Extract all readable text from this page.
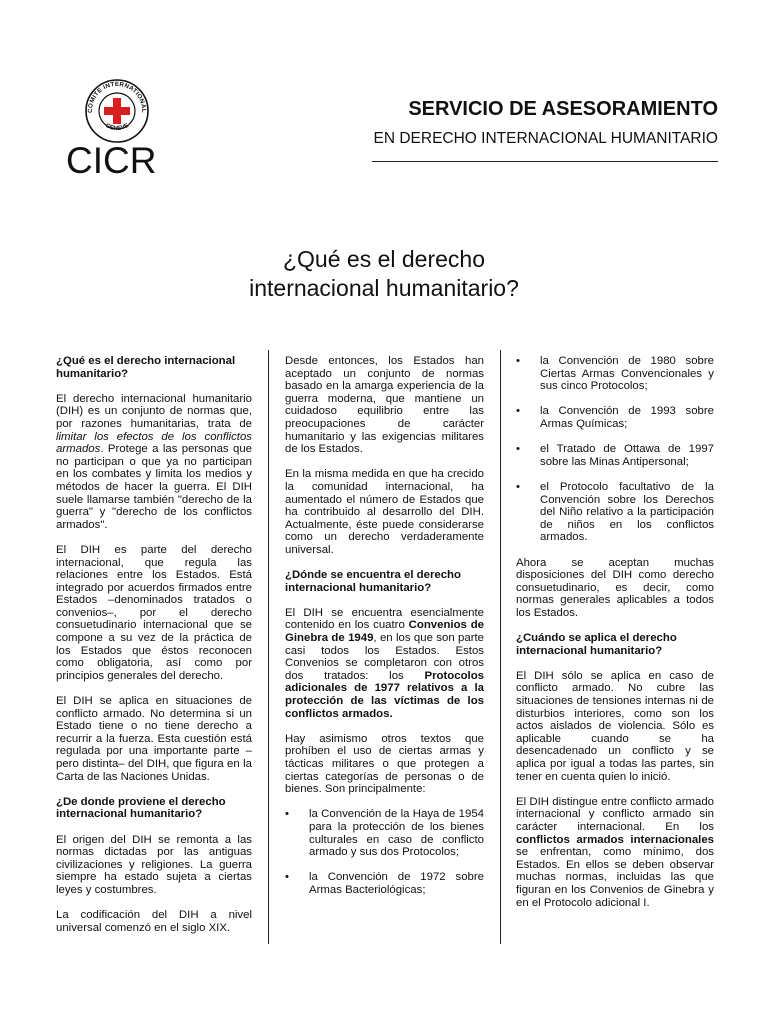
COMITE INTERNATIONAL
GENEVE
CICR
SERVICIO DE ASESORAMIENTO
EN DERECHO INTERNACIONAL HUMANITARIO
¿Qué es el derecho
internacional humanitario?

¿Qué es el derecho internacional humanitario?

El derecho internacional humanitario (DIH) es un conjunto de normas que, por razones humanitarias, trata de limitar los efectos de los conflictos armados. Protege a las personas que no participan o que ya no participan en los combates y limita los medios y métodos de hacer la guerra. El DIH suele llamarse también "derecho de la guerra" y "derecho de los conflictos armados".

El DIH es parte del derecho internacional, que regula las relaciones entre los Estados. Está integrado por acuerdos firmados entre Estados –denominados tratados o convenios–, por el derecho consuetudinario internacional que se compone a su vez de la práctica de los Estados que éstos reconocen como obligatoria, así como por principios generales del derecho.

El DIH se aplica en situaciones de conflicto armado. No determina si un Estado tiene o no tiene derecho a recurrir a la fuerza. Esta cuestión está regulada por una importante parte – pero distinta– del DIH, que figura en la Carta de las Naciones Unidas.

¿De donde proviene el derecho internacional humanitario?

El origen del DIH se remonta a las normas dictadas por las antiguas civilizaciones y religiones. La guerra siempre ha estado sujeta a ciertas leyes y costumbres.

La codificación del DIH a nivel universal comenzó en el siglo XIX.

Desde entonces, los Estados han aceptado un conjunto de normas basado en la amarga experiencia de la guerra moderna, que mantiene un cuidadoso equilibrio entre las preocupaciones de carácter humanitario y las exigencias militares de los Estados.

En la misma medida en que ha crecido la comunidad internacional, ha aumentado el número de Estados que ha contribuido al desarrollo del DIH. Actualmente, éste puede considerarse como un derecho verdaderamente universal.

¿Dónde se encuentra el derecho internacional humanitario?

El DIH se encuentra esencialmente contenido en los cuatro Convenios de Ginebra de 1949, en los que son parte casi todos los Estados. Estos Convenios se completaron con otros dos tratados: los Protocolos adicionales de 1977 relativos a la protección de las víctimas de los conflictos armados.

Hay asimismo otros textos que prohíben el uso de ciertas armas y tácticas militares o que protegen a ciertas categorías de personas o de bienes. Son principalmente:

•	la Convención de la Haya de 1954 para la protección de los bienes culturales en caso de conflicto armado y sus dos Protocolos;
•	la Convención de 1972 sobre Armas Bacteriológicas;
•	la Convención de 1980 sobre Ciertas Armas Convencionales y sus cinco Protocolos;
•	la Convención de 1993 sobre Armas Químicas;
•	el Tratado de Ottawa de 1997 sobre las Minas Antipersonal;
•	el Protocolo facultativo de la Convención sobre los Derechos del Niño relativo a la participación de niños en los conflictos armados.

Ahora se aceptan muchas disposiciones del DIH como derecho consuetudinario, es decir, como normas generales aplicables a todos los Estados.

¿Cuándo se aplica el derecho internacional humanitario?

El DIH sólo se aplica en caso de conflicto armado. No cubre las situaciones de tensiones internas ni de disturbios interiores, como son los actos aislados de violencia. Sólo es aplicable cuando se ha desencadenado un conflicto y se aplica por igual a todas las partes, sin tener en cuenta quien lo inició.

El DIH distingue entre conflicto armado internacional y conflicto armado sin carácter internacional. En los conflictos armados internacionales se enfrentan, como mínimo, dos Estados. En ellos se deben observar muchas normas, incluidas las que figuran en los Convenios de Ginebra y en el Protocolo adicional I.
